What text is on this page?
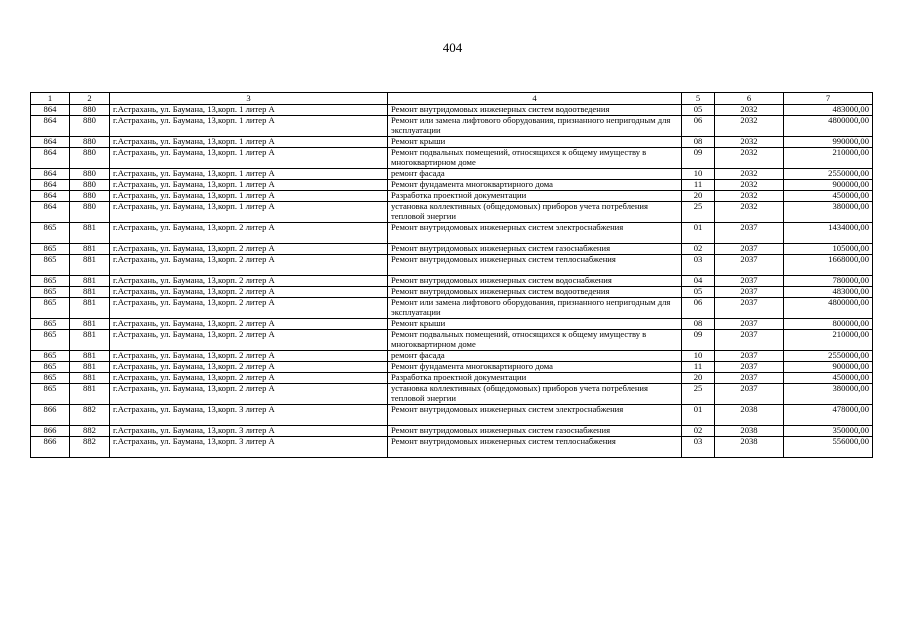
404
1	2	3	4	5	6	7
864	880	г.Астрахань, ул. Баумана, 13,корп. 1 литер А	Ремонт внутридомовых инженерных систем водоотведения	05	2032	483000,00
864	880	г.Астрахань, ул. Баумана, 13,корп. 1 литер А	Ремонт или замена лифтового оборудования, признанного непригодным для эксплуатации	06	2032	4800000,00
864	880	г.Астрахань, ул. Баумана, 13,корп. 1 литер А	Ремонт крыши	08	2032	990000,00
864	880	г.Астрахань, ул. Баумана, 13,корп. 1 литер А	Ремонт подвальных помещений, относящихся к общему имуществу в многоквартирном доме	09	2032	210000,00
864	880	г.Астрахань, ул. Баумана, 13,корп. 1 литер А	ремонт фасада	10	2032	2550000,00
864	880	г.Астрахань, ул. Баумана, 13,корп. 1 литер А	Ремонт фундамента многоквартирного дома	11	2032	900000,00
864	880	г.Астрахань, ул. Баумана, 13,корп. 1 литер А	Разработка проектной документации	20	2032	450000,00
864	880	г.Астрахань, ул. Баумана, 13,корп. 1 литер А	установка коллективных (общедомовых) приборов учета потребления тепловой энергии	25	2032	380000,00
865	881	г.Астрахань, ул. Баумана, 13,корп. 2 литер А	Ремонт внутридомовых инженерных систем электроснабжения	01	2037	1434000,00
865	881	г.Астрахань, ул. Баумана, 13,корп. 2 литер А	Ремонт внутридомовых инженерных систем газоснабжения	02	2037	105000,00
865	881	г.Астрахань, ул. Баумана, 13,корп. 2 литер А	Ремонт внутридомовых инженерных систем теплоснабжения	03	2037	1668000,00
865	881	г.Астрахань, ул. Баумана, 13,корп. 2 литер А	Ремонт внутридомовых инженерных систем водоснабжения	04	2037	780000,00
865	881	г.Астрахань, ул. Баумана, 13,корп. 2 литер А	Ремонт внутридомовых инженерных систем водоотведения	05	2037	483000,00
865	881	г.Астрахань, ул. Баумана, 13,корп. 2 литер А	Ремонт или замена лифтового оборудования, признанного непригодным для эксплуатации	06	2037	4800000,00
865	881	г.Астрахань, ул. Баумана, 13,корп. 2 литер А	Ремонт крыши	08	2037	800000,00
865	881	г.Астрахань, ул. Баумана, 13,корп. 2 литер А	Ремонт подвальных помещений, относящихся к общему имуществу в многоквартирном доме	09	2037	210000,00
865	881	г.Астрахань, ул. Баумана, 13,корп. 2 литер А	ремонт фасада	10	2037	2550000,00
865	881	г.Астрахань, ул. Баумана, 13,корп. 2 литер А	Ремонт фундамента многоквартирного дома	11	2037	900000,00
865	881	г.Астрахань, ул. Баумана, 13,корп. 2 литер А	Разработка проектной документации	20	2037	450000,00
865	881	г.Астрахань, ул. Баумана, 13,корп. 2 литер А	установка коллективных (общедомовых) приборов учета потребления тепловой энергии	25	2037	380000,00
866	882	г.Астрахань, ул. Баумана, 13,корп. 3 литер А	Ремонт внутридомовых инженерных систем электроснабжения	01	2038	478000,00
866	882	г.Астрахань, ул. Баумана, 13,корп. 3 литер А	Ремонт внутридомовых инженерных систем газоснабжения	02	2038	350000,00
866	882	г.Астрахань, ул. Баумана, 13,корп. 3 литер А	Ремонт внутридомовых инженерных систем теплоснабжения	03	2038	556000,00
